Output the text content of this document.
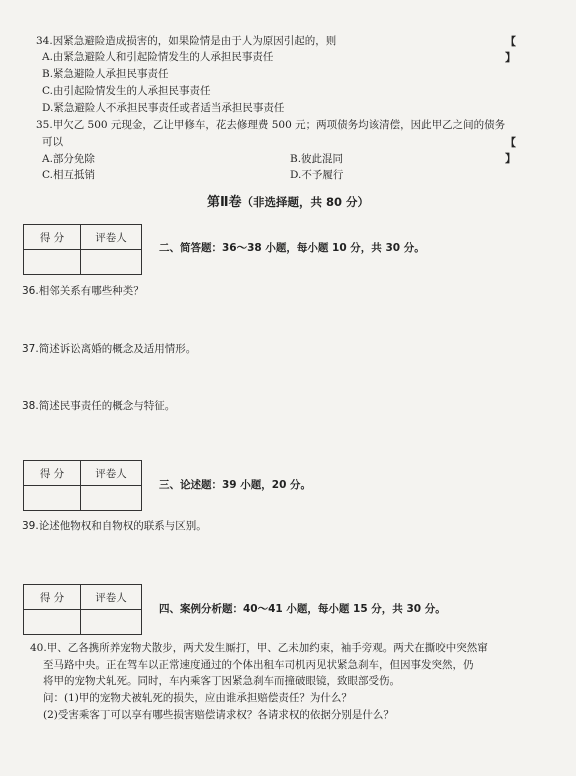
34.因紧急避险造成损害的，如果险情是由于人为原因引起的，则	【 】
A.由紧急避险人和引起险情发生的人承担民事责任
B.紧急避险人承担民事责任
C.由引起险情发生的人承担民事责任
D.紧急避险人不承担民事责任或者适当承担民事责任
35.甲欠乙 500 元现金，乙让甲修车，花去修理费 500 元；两项债务均该清偿，因此甲乙之间的债务
可以	【 】
A.部分免除	B.彼此混同
C.相互抵销	D.不予履行
第Ⅱ卷（非选择题，共 80 分）
得 分	评卷人

二、简答题：36～38 小题，每小题 10 分，共 30 分。
36.相邻关系有哪些种类？
37.简述诉讼离婚的概念及适用情形。
38.简述民事责任的概念与特征。
得 分	评卷人

三、论述题：39 小题，20 分。
39.论述他物权和自物权的联系与区别。
得 分	评卷人

四、案例分析题：40～41 小题，每小题 15 分，共 30 分。
40.甲、乙各携所养宠物犬散步，两犬发生厮打，甲、乙未加约束，袖手旁观。两犬在撕咬中突然窜
至马路中央。正在驾车以正常速度通过的个体出租车司机丙见状紧急刹车，但因事发突然，仍
将甲的宠物犬轧死。同时，车内乘客丁因紧急刹车而撞破眼镜，致眼部受伤。
问：(1)甲的宠物犬被轧死的损失，应由谁承担赔偿责任？为什么？
(2)受害乘客丁可以享有哪些损害赔偿请求权？各请求权的依据分别是什么？
